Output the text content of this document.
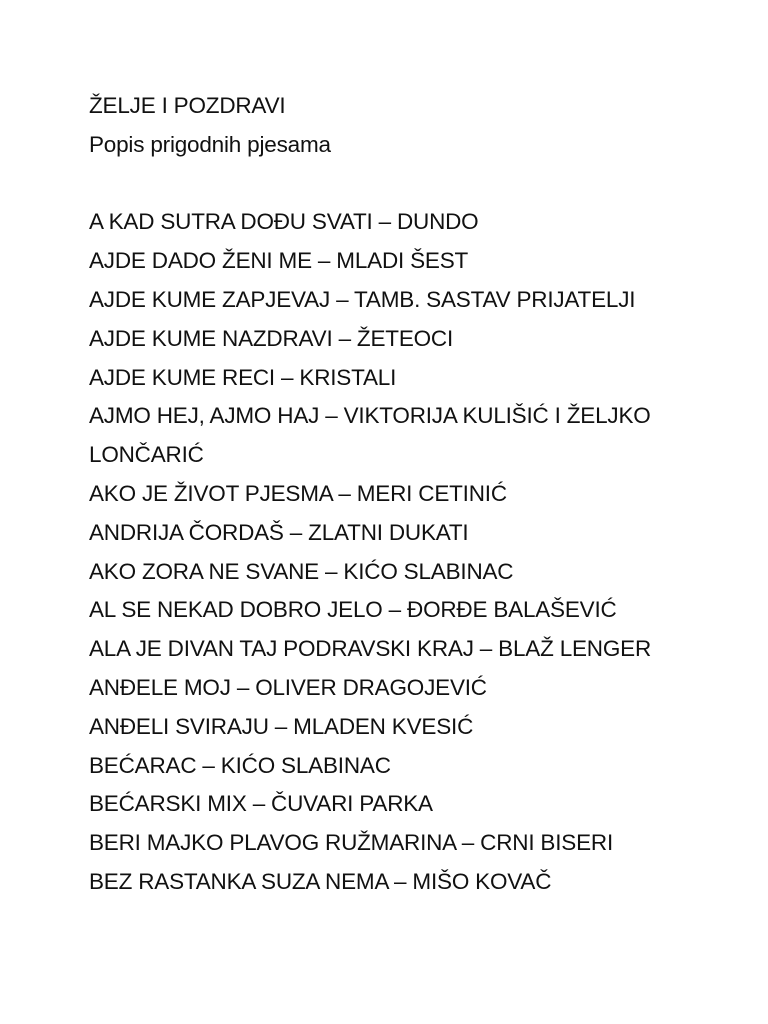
ŽELJE I POZDRAVI
Popis prigodnih pjesama
A KAD SUTRA DOĐU SVATI – DUNDO
AJDE DADO ŽENI ME – MLADI ŠEST
AJDE KUME ZAPJEVAJ – TAMB. SASTAV PRIJATELJI
AJDE KUME NAZDRAVI – ŽETEOCI
AJDE KUME RECI – KRISTALI
AJMO HEJ, AJMO HAJ – VIKTORIJA KULIŠIĆ I ŽELJKO
LONČARIĆ
AKO JE ŽIVOT PJESMA – MERI CETINIĆ
ANDRIJA ČORDAŠ – ZLATNI DUKATI
AKO ZORA NE SVANE – KIĆO SLABINAC
AL SE NEKAD DOBRO JELO – ĐORĐE BALAŠEVIĆ
ALA JE DIVAN TAJ PODRAVSKI KRAJ – BLAŽ LENGER
ANĐELE MOJ – OLIVER DRAGOJEVIĆ
ANĐELI SVIRAJU – MLADEN KVESIĆ
BEĆARAC – KIĆO SLABINAC
BEĆARSKI MIX – ČUVARI PARKA
BERI MAJKO PLAVOG RUŽMARINA – CRNI BISERI
BEZ RASTANKA SUZA NEMA – MIŠO KOVAČ
